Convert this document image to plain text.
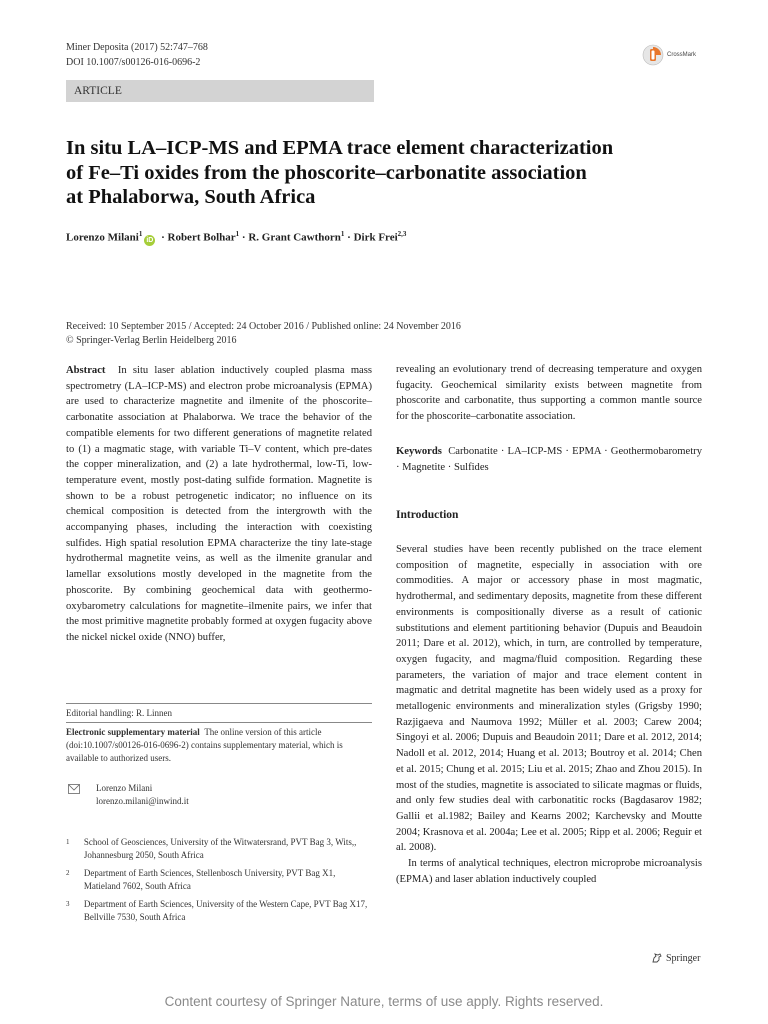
Miner Deposita (2017) 52:747–768
DOI 10.1007/s00126-016-0696-2
CrossMark
ARTICLE
In situ LA–ICP-MS and EPMA trace element characterization
of Fe–Ti oxides from the phoscorite–carbonatite association
at Phalaborwa, South Africa
Lorenzo Milani$^1$iD · Robert Bolhar$^1$ · R. Grant Cawthorn$^1$ · Dirk Frei$^{2,3}$
Received: 10 September 2015 / Accepted: 24 October 2016 / Published online: 24 November 2016
© Springer-Verlag Berlin Heidelberg 2016

Abstract In situ laser ablation inductively coupled plasma mass spectrometry (LA–ICP-MS) and electron probe microanalysis (EPMA) are used to characterize magnetite and ilmenite of the phoscorite–carbonatite association at Phalaborwa. We trace the behavior of the compatible elements for two different generations of magnetite related to (1) a magmatic stage, with variable Ti–V content, which pre-dates the copper mineralization, and (2) a late hydrothermal, low-Ti, low-temperature event, mostly post-dating sulfide formation. Magnetite is shown to be a robust petrogenetic indicator; no influence on its chemical composition is detected from the intergrowth with the accompanying phases, including the interaction with coexisting sulfides. High spatial resolution EPMA characterize the tiny late-stage hydrothermal magnetite veins, as well as the ilmenite granular and lamellar exsolutions mostly developed in the magnetite from the phoscorite. By combining geochemical data with geothermo-oxybarometry calculations for magnetite–ilmenite pairs, we infer that the most primitive magnetite probably formed at oxygen fugacity above the nickel nickel oxide (NNO) buffer,

Editorial handling: R. Linnen
Electronic supplementary material The online version of this article (doi:10.1007/s00126-016-0696-2) contains supplementary material, which is available to authorized users.
Lorenzo Milani
lorenzo.milani@inwind.it
1	School of Geosciences, University of the Witwatersrand, PVT Bag 3, Wits,, Johannesburg 2050, South Africa
2	Department of Earth Sciences, Stellenbosch University, PVT Bag X1, Matieland 7602, South Africa
3	Department of Earth Sciences, University of the Western Cape, PVT Bag X17, Bellville 7530, South Africa
revealing an evolutionary trend of decreasing temperature and oxygen fugacity. Geochemical similarity exists between magnetite from phoscorite and carbonatite, thus supporting a common mantle source for the phoscorite–carbonatite association.

Keywords Carbonatite · LA–ICP-MS · EPMA · Geothermobarometry · Magnetite · Sulfides

Introduction

Several studies have been recently published on the trace element composition of magnetite, especially in association with ore commodities. A major or accessory phase in most magmatic, hydrothermal, and sedimentary deposits, magnetite from these different environments is compositionally diverse as a result of cationic substitutions and element partitioning behavior (Dupuis and Beaudoin 2011; Dare et al. 2012), which, in turn, are controlled by temperature, oxygen fugacity, and magma/fluid composition. Regarding these parameters, the variation of major and trace element content in magmatic and detrital magnetite has been widely used as a proxy for metallogenic environments and mineralization styles (Grigsby 1990; Razjigaeva and Naumova 1992; Müller et al. 2003; Carew 2004; Singoyi et al. 2006; Dupuis and Beaudoin 2011; Dare et al. 2012, 2014; Nadoll et al. 2012, 2014; Huang et al. 2013; Boutroy et al. 2014; Chen et al. 2015; Chung et al. 2015; Liu et al. 2015; Zhao and Zhou 2015). In most of the studies, magnetite is associated to silicate magmas or fluids, and only few studies deal with carbonatitic rocks (Bagdasarov 1982; Gallii et al.1982; Bailey and Kearns 2002; Karchevsky and Moutte 2004; Krasnova et al. 2004a; Lee et al. 2005; Ripp et al. 2006; Reguir et al. 2008).

In terms of analytical techniques, electron microprobe microanalysis (EPMA) and laser ablation inductively coupled

Springer
Content courtesy of Springer Nature, terms of use apply. Rights reserved.
